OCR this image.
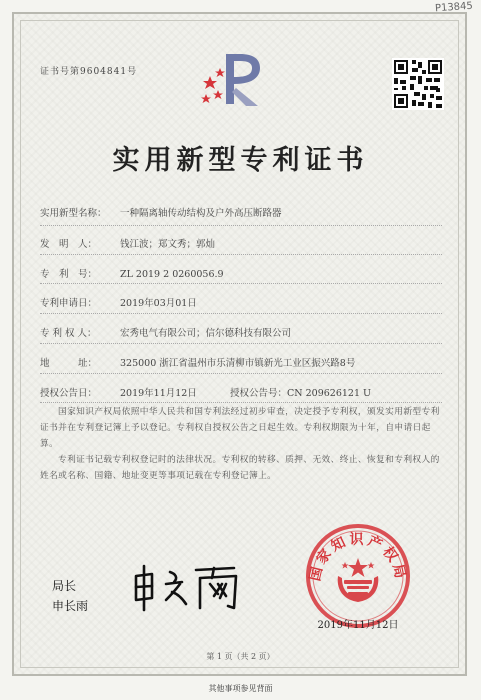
P13845
证书号第9604841号
实用新型专利证书
实用新型名称： 一种隔离轴传动结构及户外高压断路器
发　明　人： 钱江波；郑文秀；郭灿
专　利　号： ZL 2019 2 0260056.9
专利申请日： 2019年03月01日
专 利 权 人： 宏秀电气有限公司；信尔德科技有限公司
地　　　址： 325000 浙江省温州市乐清柳市镇新光工业区振兴路8号
授权公告日： 2019年11月12日	授权公告号：CN 209626121 U
国家知识产权局依照中华人民共和国专利法经过初步审查，决定授予专利权，颁发实用新型专利证书并在专利登记簿上予以登记。专利权自授权公告之日起生效。专利权期限为十年，自申请日起算。
专利证书记载专利权登记时的法律状况。专利权的转移、质押、无效、终止、恢复和专利权人的姓名或名称、国籍、地址变更等事项记载在专利登记簿上。
局长
申长雨
国家知识产权局
2019年11月12日
第 1 页（共 2 页）
其他事项参见背面
